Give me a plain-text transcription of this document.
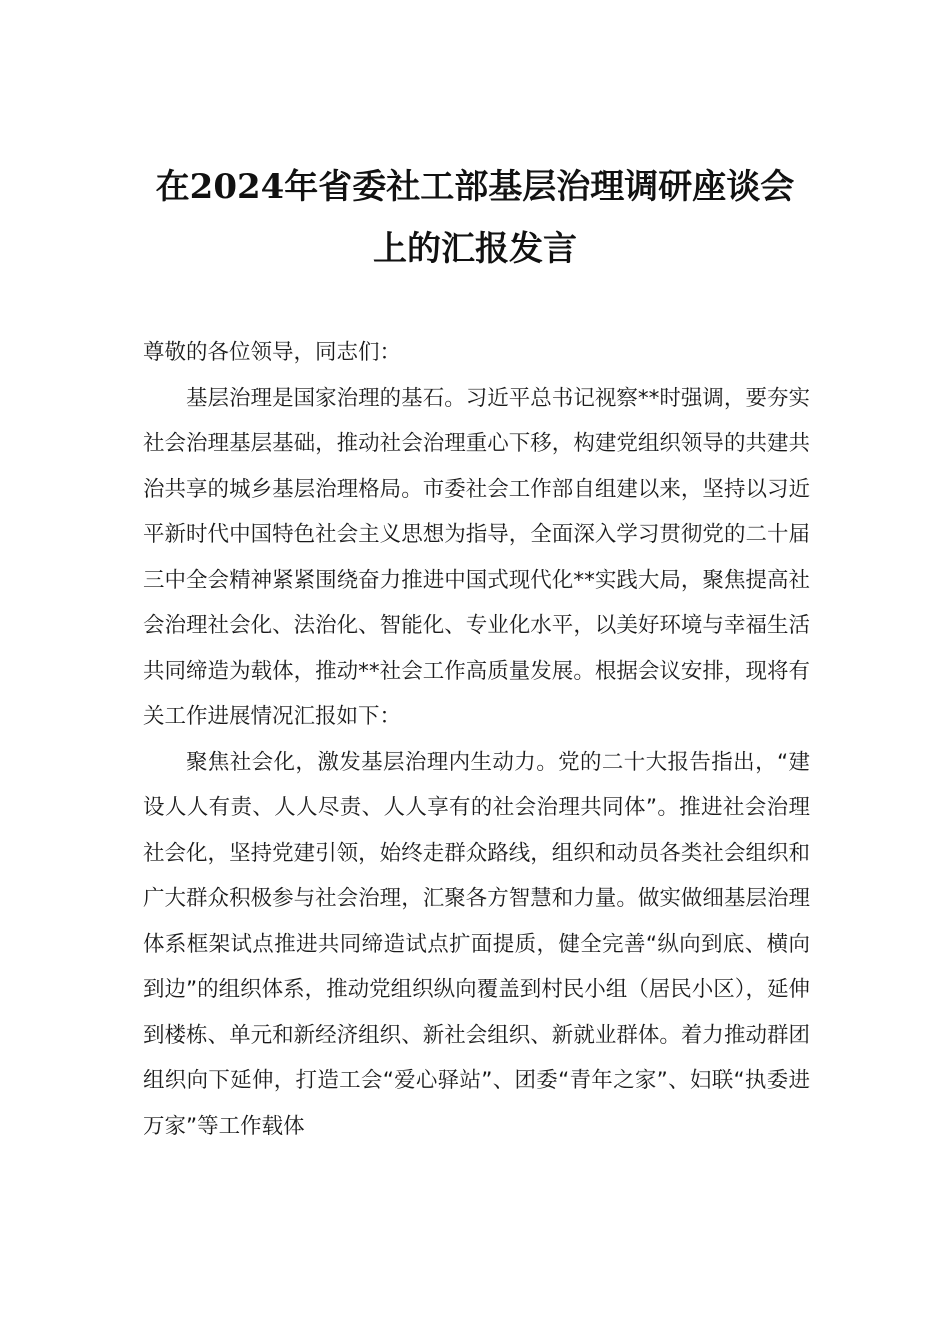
在2024年省委社工部基层治理调研座谈会
上的汇报发言

尊敬的各位领导，同志们：

基层治理是国家治理的基石。习近平总书记视察**时强调，要夯实社会治理基层基础，推动社会治理重心下移，构建党组织领导的共建共治共享的城乡基层治理格局。市委社会工作部自组建以来，坚持以习近平新时代中国特色社会主义思想为指导，全面深入学习贯彻党的二十届三中全会精神紧紧围绕奋力推进中国式现代化**实践大局，聚焦提高社会治理社会化、法治化、智能化、专业化水平，以美好环境与幸福生活共同缔造为载体，推动**社会工作高质量发展。根据会议安排，现将有关工作进展情况汇报如下：

聚焦社会化，激发基层治理内生动力。党的二十大报告指出，“建设人人有责、人人尽责、人人享有的社会治理共同体”。推进社会治理社会化，坚持党建引领，始终走群众路线，组织和动员各类社会组织和广大群众积极参与社会治理，汇聚各方智慧和力量。做实做细基层治理体系框架试点推进共同缔造试点扩面提质，健全完善“纵向到底、横向到边”的组织体系，推动党组织纵向覆盖到村民小组（居民小区），延伸到楼栋、单元和新经济组织、新社会组织、新就业群体。着力推动群团组织向下延伸，打造工会“爱心驿站”、团委“青年之家”、妇联“执委进万家”等工作载体
